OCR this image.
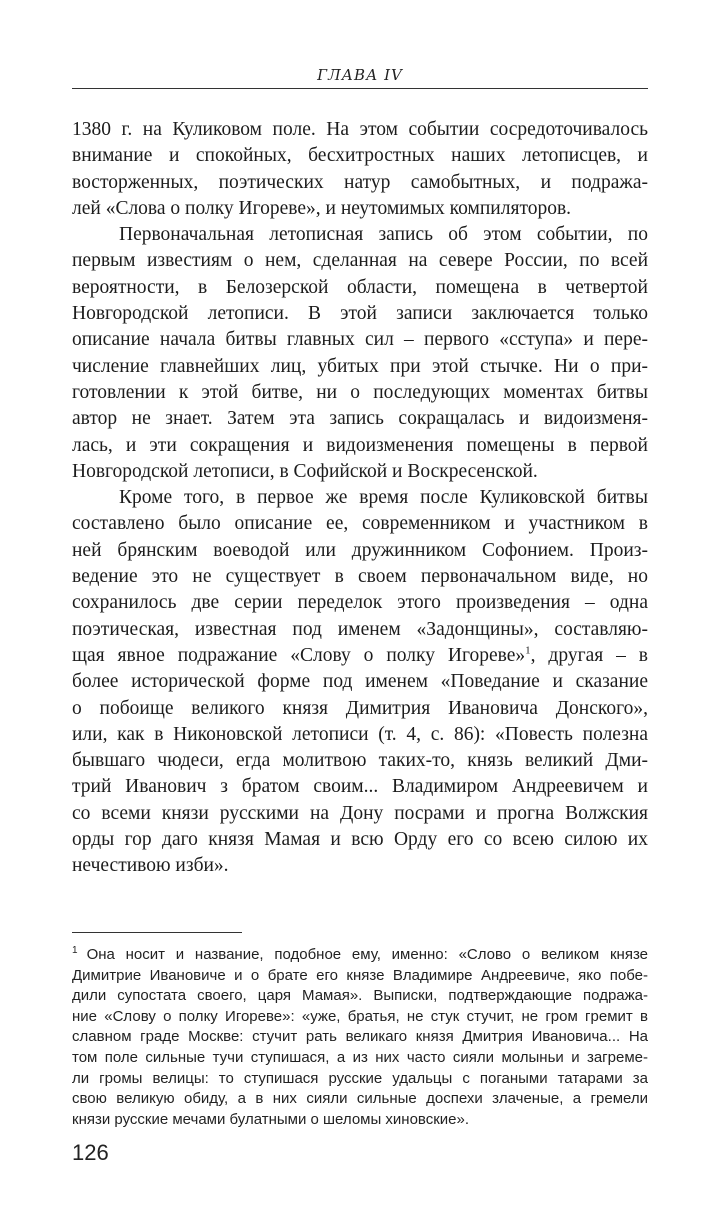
ГЛАВА IV

1380 г. на Куликовом поле. На этом событии сосредоточивалось

внимание и спокойных, бесхитростных наших летописцев, и

восторженных, поэтических натур самобытных, и подража-

лей «Слова о полку Игореве», и неутомимых компиляторов.

Первоначальная летописная запись об этом событии, по

первым известиям о нем, сделанная на севере России, по всей

вероятности, в Белозерской области, помещена в четвертой

Новгородской летописи. В этой записи заключается только

описание начала битвы главных сил – первого «сступа» и пере-

числение главнейших лиц, убитых при этой стычке. Ни о при-

готовлении к этой битве, ни о последующих моментах битвы

автор не знает. Затем эта запись сокращалась и видоизменя-

лась, и эти сокращения и видоизменения помещены в первой

Новгородской летописи, в Софийской и Воскресенской.

Кроме того, в первое же время после Куликовской битвы

составлено было описание ее, современником и участником в

ней брянским воеводой или дружинником Софонием. Произ-

ведение это не существует в своем первоначальном виде, но

сохранилось две серии переделок этого произведения – одна

поэтическая, известная под именем «Задонщины», составляю-

щая явное подражание «Слову о полку Игореве»$^1$, другая – в

более исторической форме под именем «Поведание и сказание

о побоище великого князя Димитрия Ивановича Донского»,

или, как в Никоновской летописи (т. 4, с. 86): «Повесть полезна

бывшаго чюдеси, егда молитвою таких-то, князь великий Дми-

трий Иванович з братом своим... Владимиром Андреевичем и

со всеми князи русскими на Дону посрами и прогна Волжския

орды гор даго князя Мамая и всю Орду его со всею силою их

нечестивою изби».

$^1$ Она носит и название, подобное ему, именно: «Слово о великом князе

Димитрие Ивановиче и о брате его князе Владимире Андреевиче, яко побе-

дили супостата своего, царя Мамая». Выписки, подтверждающие подража-

ние «Слову о полку Игореве»: «уже, братья, не стук стучит, не гром гремит в

славном граде Москве: стучит рать великаго князя Дмитрия Ивановича... На

том поле сильные тучи ступишася, а из них часто сияли молыньи и загреме-

ли громы велицы: то ступишася русские удальцы с погаными татарами за

свою великую обиду, а в них сияли сильные доспехи злаченые, а гремели

князи русские мечами булатными о шеломы хиновские».

126
